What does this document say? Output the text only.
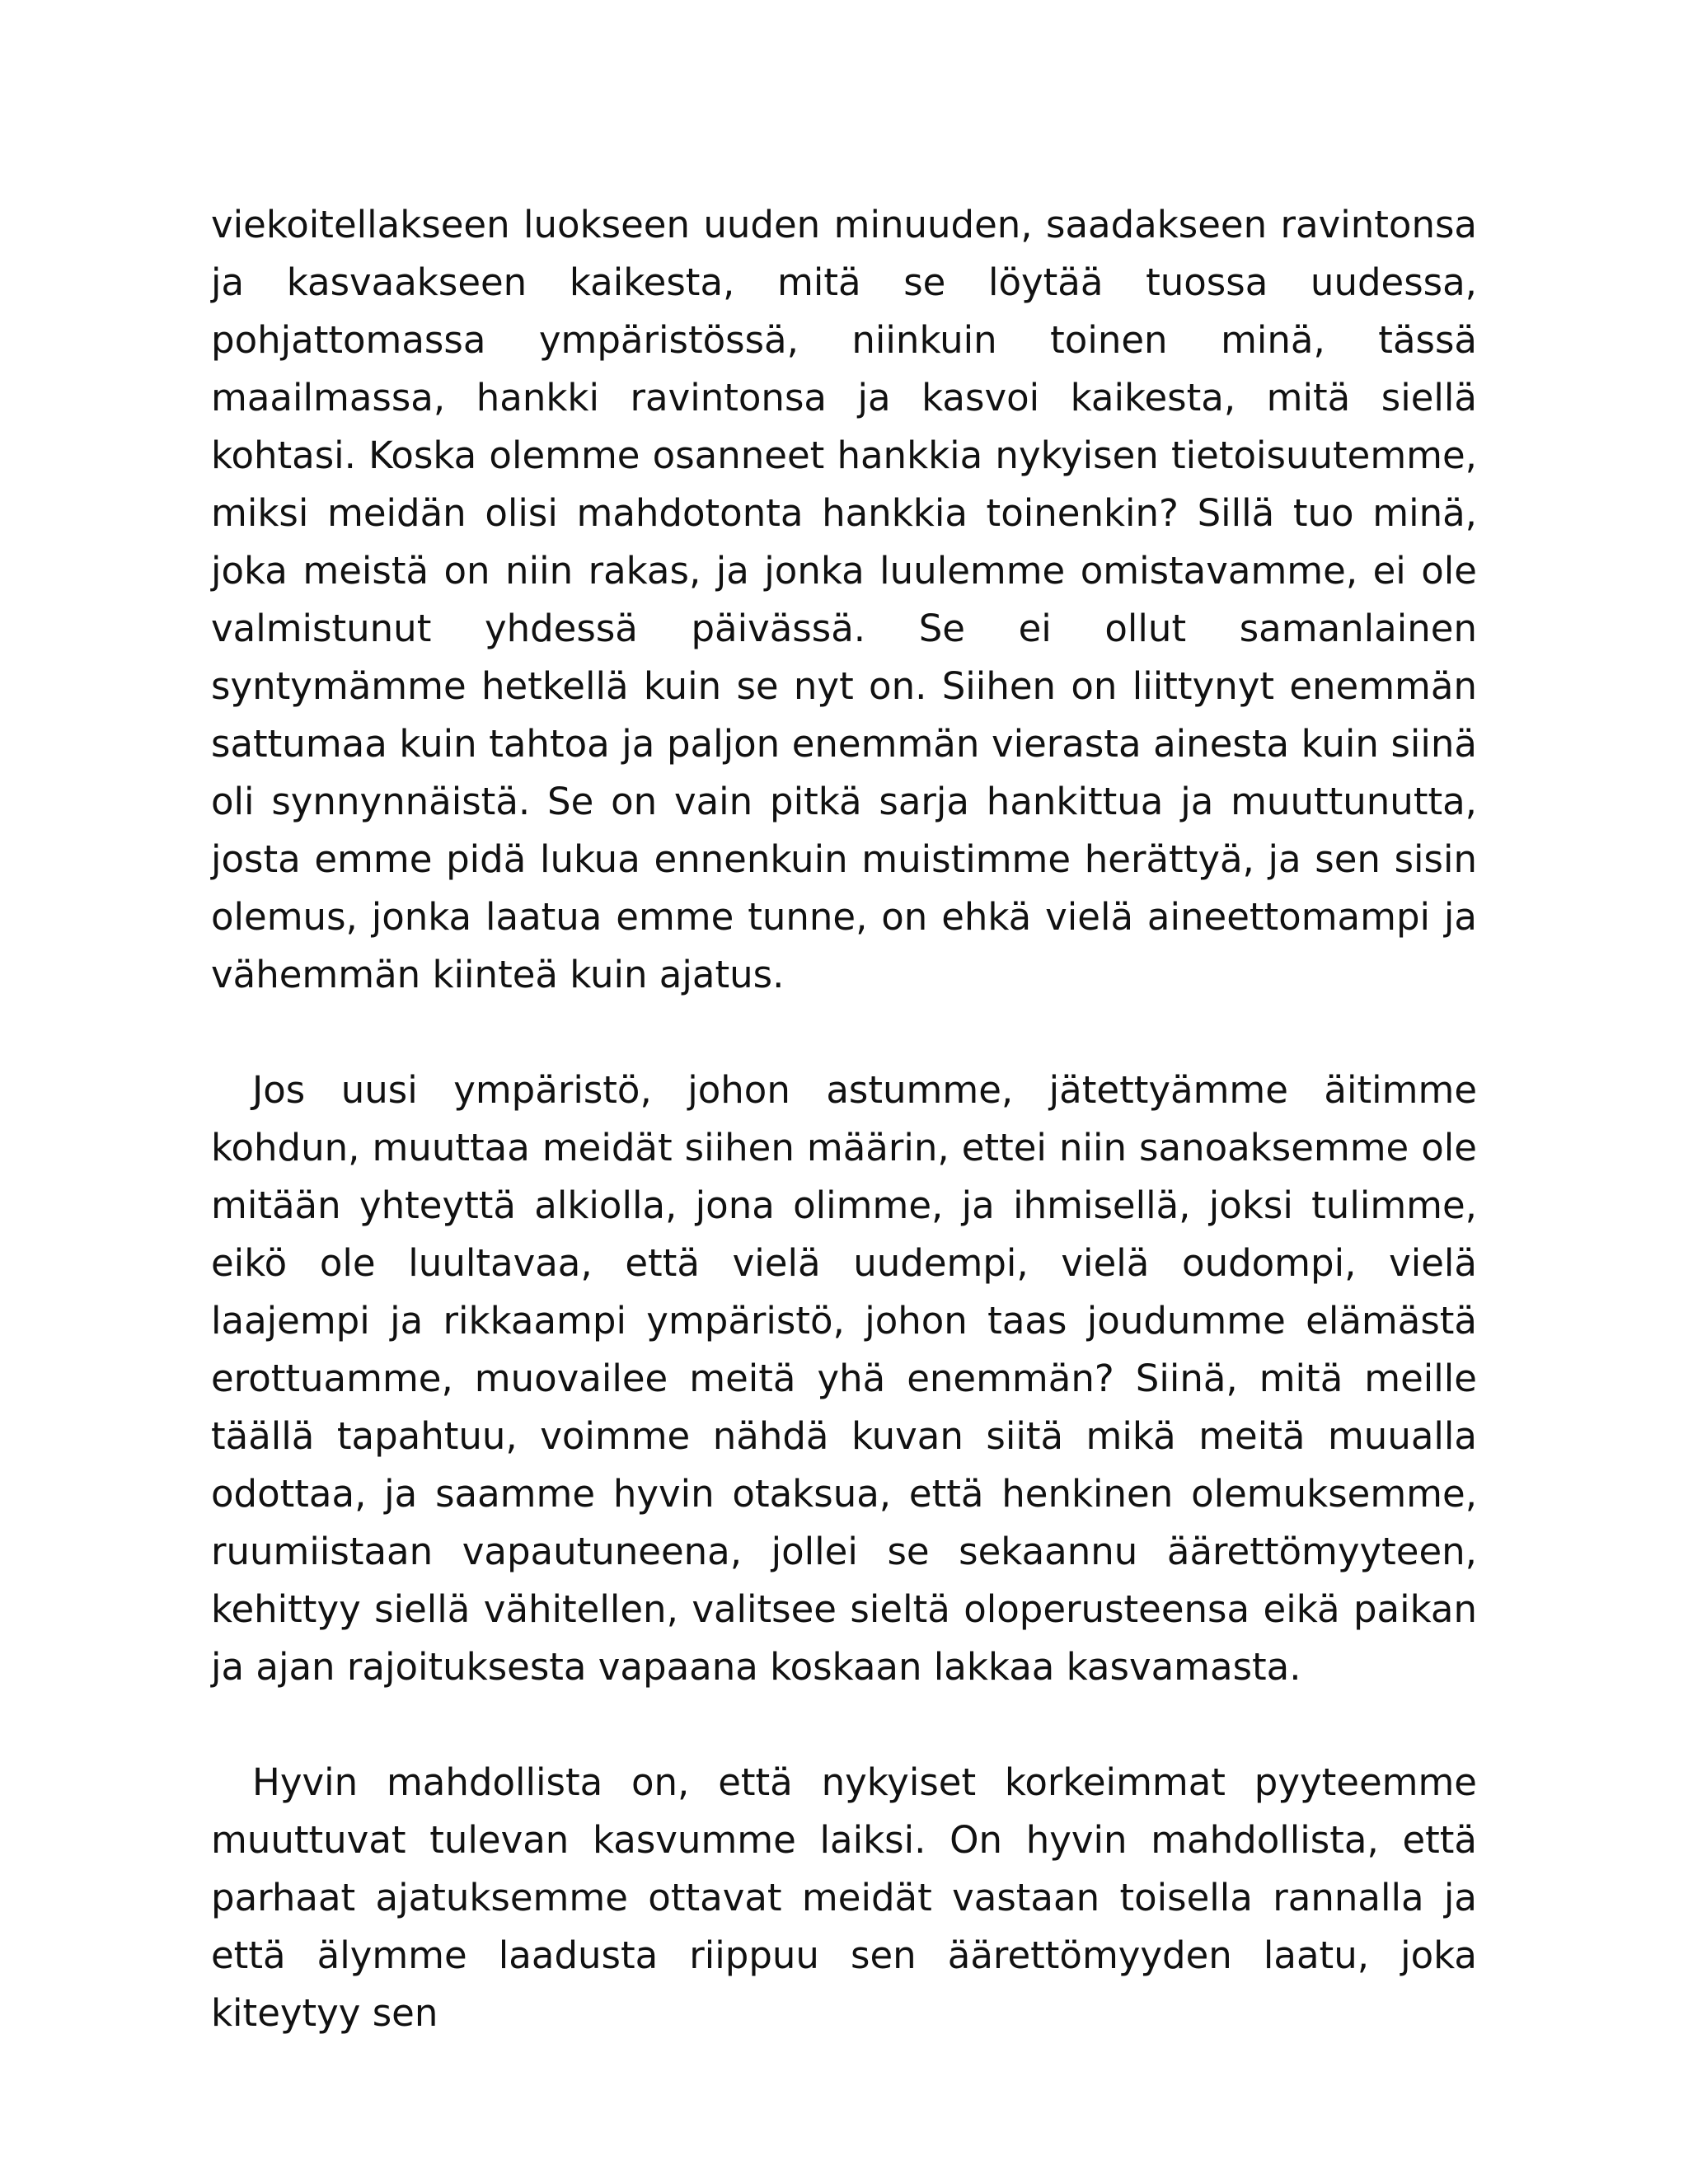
viekoitellakseen luokseen uuden minuuden, saadakseen ravintonsa ja kasvaakseen kaikesta, mitä se löytää tuossa uudessa, pohjattomassa ympäristössä, niinkuin toinen minä, tässä maailmassa, hankki ravintonsa ja kasvoi kaikesta, mitä siellä kohtasi. Koska olemme osanneet hankkia nykyisen tietoisuutemme, miksi meidän olisi mahdotonta hankkia toinenkin? Sillä tuo minä, joka meistä on niin rakas, ja jonka luulemme omistavamme, ei ole valmistunut yhdessä päivässä. Se ei ollut samanlainen syntymämme hetkellä kuin se nyt on. Siihen on liittynyt enemmän sattumaa kuin tahtoa ja paljon enemmän vierasta ainesta kuin siinä oli synnynnäistä. Se on vain pitkä sarja hankittua ja muuttunutta, josta emme pidä lukua ennenkuin muistimme herättyä, ja sen sisin olemus, jonka laatua emme tunne, on ehkä vielä aineettomampi ja vähemmän kiinteä kuin ajatus.

Jos uusi ympäristö, johon astumme, jätettyämme äitimme kohdun, muuttaa meidät siihen määrin, ettei niin sanoaksemme ole mitään yhteyttä alkiolla, jona olimme, ja ihmisellä, joksi tulimme, eikö ole luultavaa, että vielä uudempi, vielä oudompi, vielä laajempi ja rikkaampi ympäristö, johon taas joudumme elämästä erottuamme, muovailee meitä yhä enemmän? Siinä, mitä meille täällä tapahtuu, voimme nähdä kuvan siitä mikä meitä muualla odottaa, ja saamme hyvin otaksua, että henkinen olemuksemme, ruumiistaan vapautuneena, jollei se sekaannu äärettömyyteen, kehittyy siellä vähitellen, valitsee sieltä oloperusteensa eikä paikan ja ajan rajoituksesta vapaana koskaan lakkaa kasvamasta.

Hyvin mahdollista on, että nykyiset korkeimmat pyyteemme muuttuvat tulevan kasvumme laiksi. On hyvin mahdollista, että parhaat ajatuksemme ottavat meidät vastaan toisella rannalla ja että älymme laadusta riippuu sen äärettömyyden laatu, joka kiteytyy sen
